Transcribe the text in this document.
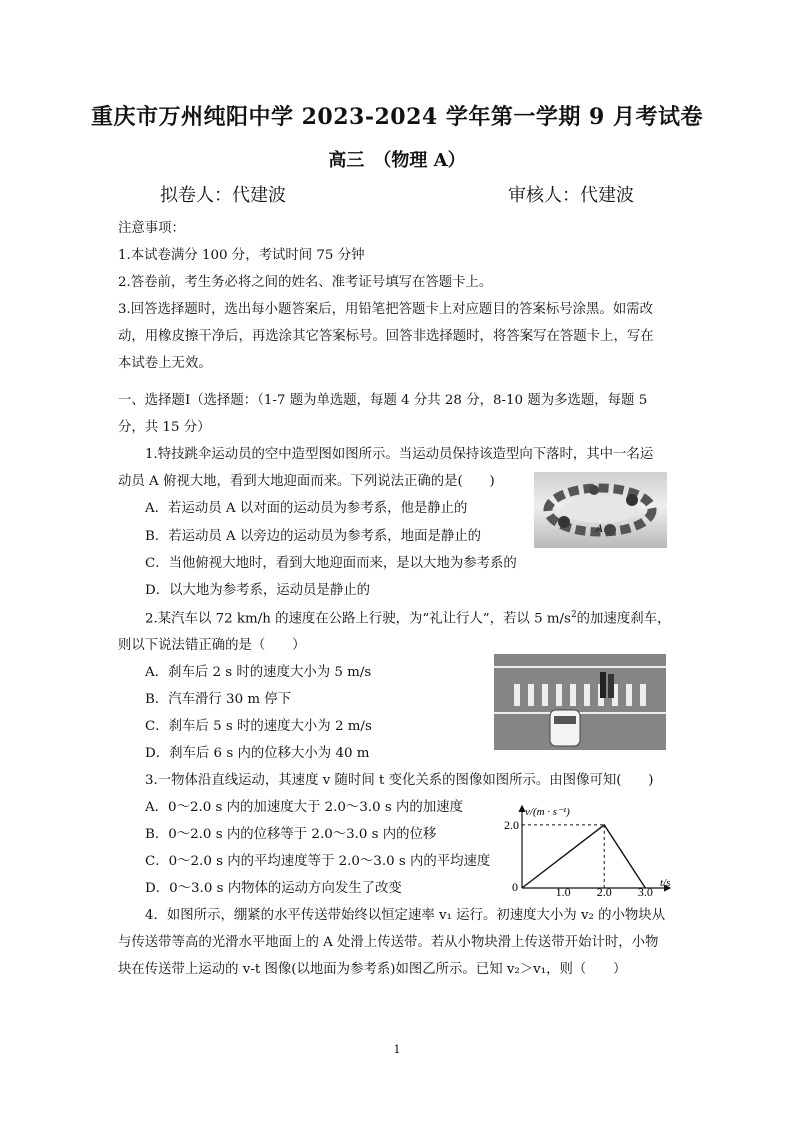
重庆市万州纯阳中学 2023-2024 学年第一学期 9 月考试卷
高三　（物理 A）
拟卷人：代建波	审核人：代建波
注意事项：
1.本试卷满分 100 分，考试时间 75 分钟
2.答卷前，考生务必将之间的姓名、准考证号填写在答题卡上。
3.回答选择题时，选出每小题答案后，用铅笔把答题卡上对应题目的答案标号涂黑。如需改
动，用橡皮擦干净后，再选涂其它答案标号。回答非选择题时，将答案写在答题卡上，写在
本试卷上无效。
一、选择题Ⅰ（选择题：（1-7 题为单选题，每题 4 分共 28 分，8-10 题为多选题，每题 5
分，共 15 分）
1.特技跳伞运动员的空中造型图如图所示。当运动员保持该造型向下落时，其中一名运
动员 A 俯视大地，看到大地迎面而来。下列说法正确的是(　　)
A．若运动员 A 以对面的运动员为参考系，他是静止的
B．若运动员 A 以旁边的运动员为参考系，地面是静止的
C．当他俯视大地时，看到大地迎面而来，是以大地为参考系的
D．以大地为参考系，运动员是静止的
A
2.某汽车以 72 km/h 的速度在公路上行驶，为“礼让行人”，若以 5 $m/s^2$的加速度刹车，
则以下说法错正确的是（　　）
A．刹车后 2 s 时的速度大小为 5 m/s
B．汽车滑行 30 m 停下
C．刹车后 5 s 时的速度大小为 2 m/s
D．刹车后 6 s 内的位移大小为 40 m
3.一物体沿直线运动，其速度 v 随时间 t 变化关系的图像如图所示。由图像可知(　　)
A．0～2.0 s 内的加速度大于 2.0～3.0 s 内的加速度
B．0～2.0 s 内的位移等于 2.0～3.0 s 内的位移
C．0～2.0 s 内的平均速度等于 2.0～3.0 s 内的平均速度
D．0～3.0 s 内物体的运动方向发生了改变
v/(m · s⁻¹)
t/s
0	1.0 2.0 3.0
2.0
4．如图所示，绷紧的水平传送带始终以恒定速率 v₁ 运行。初速度大小为 v₂ 的小物块从
与传送带等高的光滑水平地面上的 A 处滑上传送带。若从小物块滑上传送带开始计时，小物
块在传送带上运动的 v-t 图像(以地面为参考系)如图乙所示。已知 v₂＞v₁，则（　　）
1
